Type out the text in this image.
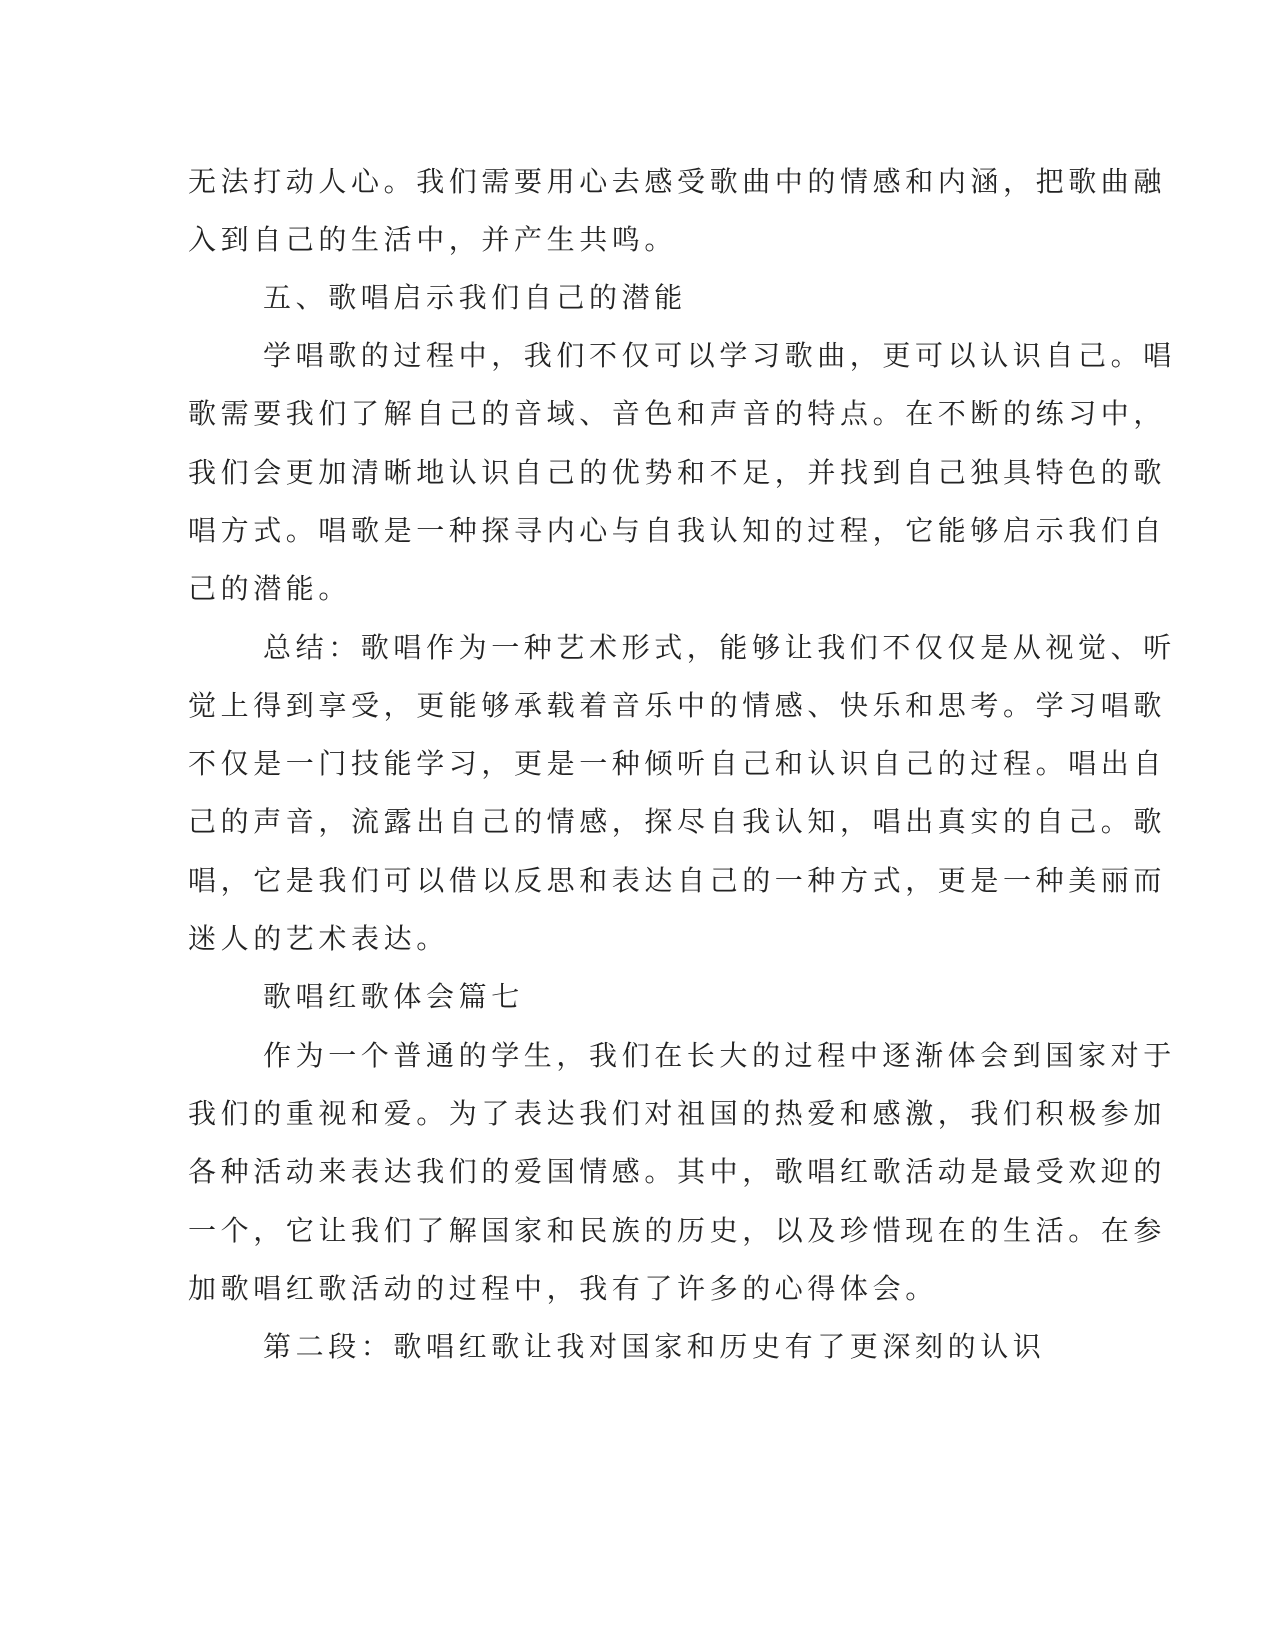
无法打动人心。我们需要用心去感受歌曲中的情感和内涵，把歌曲融
入到自己的生活中，并产生共鸣。
五、歌唱启示我们自己的潜能
学唱歌的过程中，我们不仅可以学习歌曲，更可以认识自己。唱
歌需要我们了解自己的音域、音色和声音的特点。在不断的练习中，
我们会更加清晰地认识自己的优势和不足，并找到自己独具特色的歌
唱方式。唱歌是一种探寻内心与自我认知的过程，它能够启示我们自
己的潜能。
总结：歌唱作为一种艺术形式，能够让我们不仅仅是从视觉、听
觉上得到享受，更能够承载着音乐中的情感、快乐和思考。学习唱歌
不仅是一门技能学习，更是一种倾听自己和认识自己的过程。唱出自
己的声音，流露出自己的情感，探尽自我认知，唱出真实的自己。歌
唱，它是我们可以借以反思和表达自己的一种方式，更是一种美丽而
迷人的艺术表达。
歌唱红歌体会篇七
作为一个普通的学生，我们在长大的过程中逐渐体会到国家对于
我们的重视和爱。为了表达我们对祖国的热爱和感激，我们积极参加
各种活动来表达我们的爱国情感。其中，歌唱红歌活动是最受欢迎的
一个，它让我们了解国家和民族的历史，以及珍惜现在的生活。在参
加歌唱红歌活动的过程中，我有了许多的心得体会。
第二段：歌唱红歌让我对国家和历史有了更深刻的认识
